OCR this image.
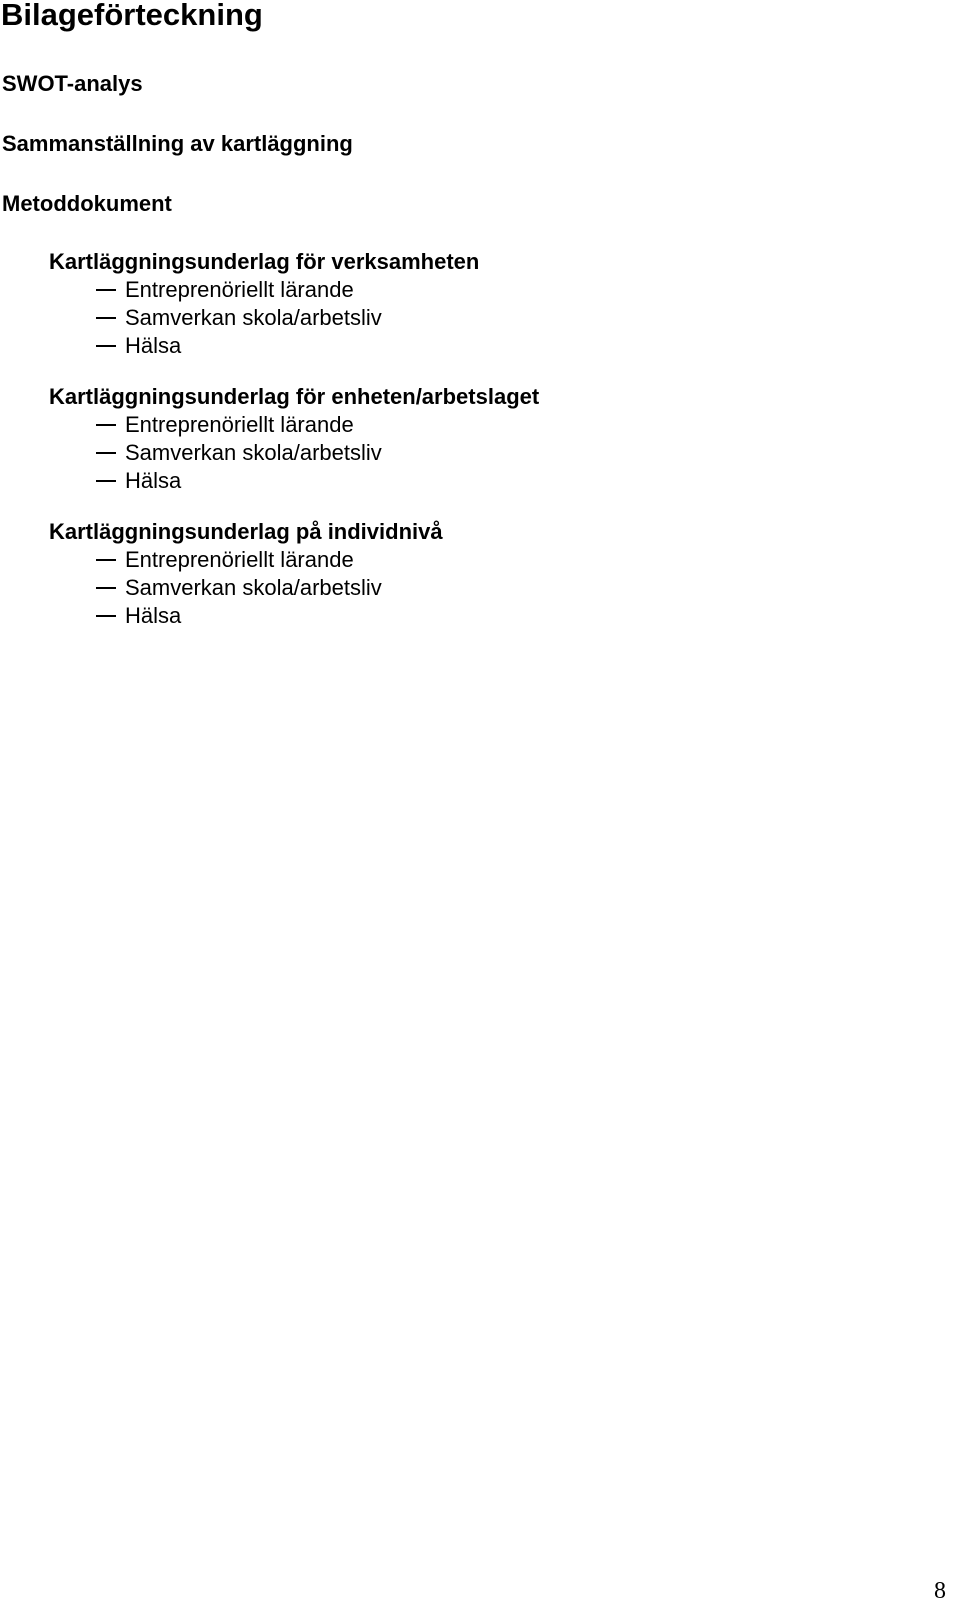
Bilageförteckning

SWOT-analys

Sammanställning av kartläggning

Metoddokument

Kartläggningsunderlag för verksamheten

Entreprenöriellt lärande

Samverkan skola/arbetsliv

Hälsa

Kartläggningsunderlag för enheten/arbetslaget

Entreprenöriellt lärande

Samverkan skola/arbetsliv

Hälsa

Kartläggningsunderlag på individnivå

Entreprenöriellt lärande

Samverkan skola/arbetsliv

Hälsa

8
